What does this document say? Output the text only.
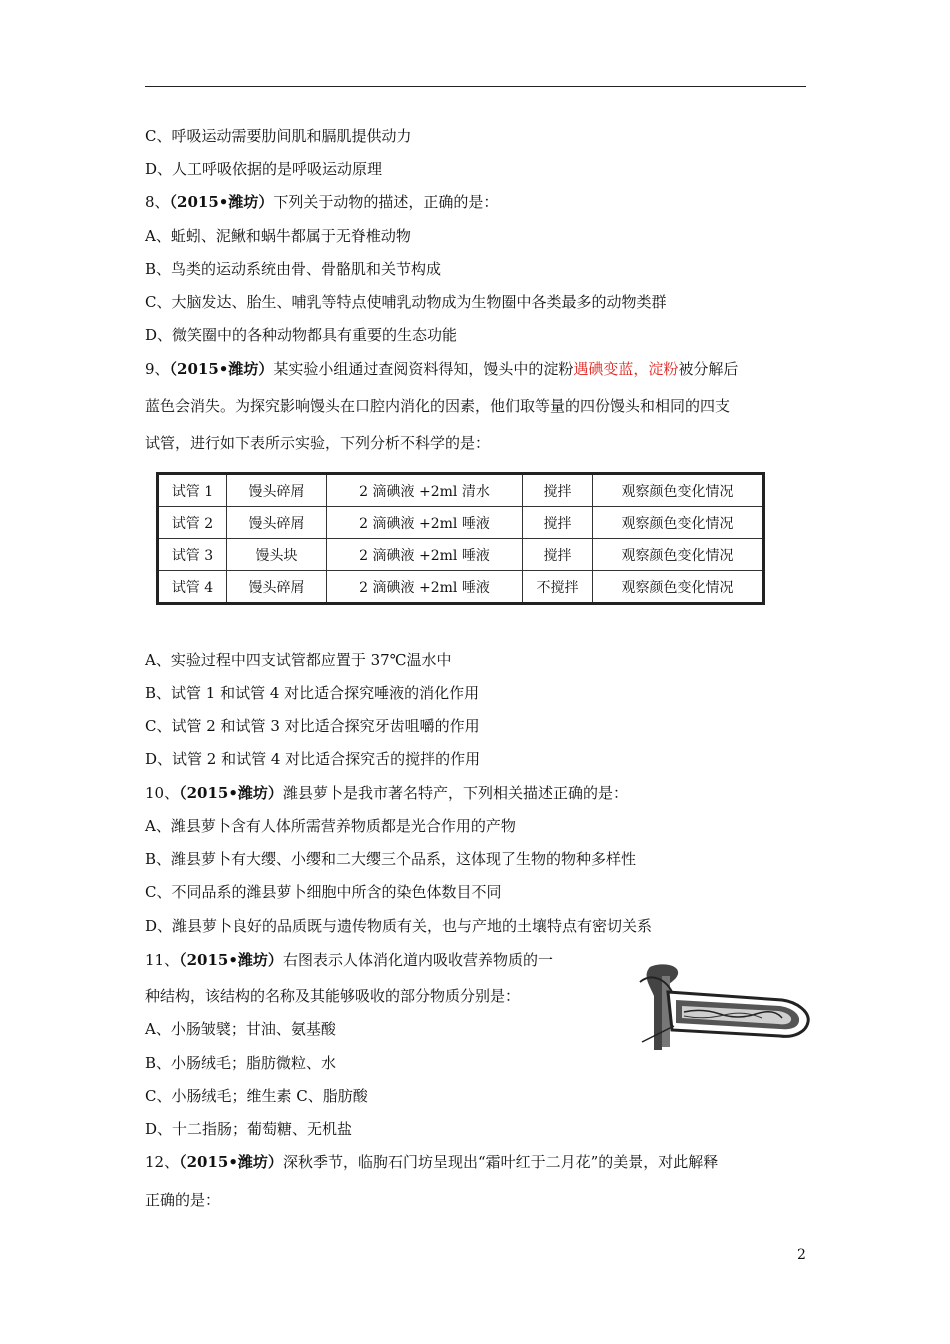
C、呼吸运动需要肋间肌和膈肌提供动力
D、人工呼吸依据的是呼吸运动原理
8、（2015•潍坊）下列关于动物的描述，正确的是：
A、蚯蚓、泥鳅和蜗牛都属于无脊椎动物
B、鸟类的运动系统由骨、骨骼肌和关节构成
C、大脑发达、胎生、哺乳等特点使哺乳动物成为生物圈中各类最多的动物类群
D、微笑圈中的各种动物都具有重要的生态功能
9、（2015•潍坊）某实验小组通过查阅资料得知，馒头中的淀粉遇碘变蓝，淀粉被分解后
蓝色会消失。为探究影响馒头在口腔内消化的因素，他们取等量的四份馒头和相同的四支
试管，进行如下表所示实验，下列分析不科学的是：
试管 1	馒头碎屑	2 滴碘液 +2ml 清水	搅拌	观察颜色变化情况
试管 2	馒头碎屑	2 滴碘液 +2ml 唾液	搅拌	观察颜色变化情况
试管 3	馒头块	2 滴碘液 +2ml 唾液	搅拌	观察颜色变化情况
试管 4	馒头碎屑	2 滴碘液 +2ml 唾液	不搅拌	观察颜色变化情况
A、实验过程中四支试管都应置于 37℃温水中
B、试管 1 和试管 4 对比适合探究唾液的消化作用
C、试管 2 和试管 3 对比适合探究牙齿咀嚼的作用
D、试管 2 和试管 4 对比适合探究舌的搅拌的作用
10、（2015•潍坊）潍县萝卜是我市著名特产，下列相关描述正确的是：
A、潍县萝卜含有人体所需营养物质都是光合作用的产物
B、潍县萝卜有大缨、小缨和二大缨三个品系，这体现了生物的物种多样性
C、不同品系的潍县萝卜细胞中所含的染色体数目不同
D、潍县萝卜良好的品质既与遗传物质有关，也与产地的土壤特点有密切关系
11、（2015•潍坊）右图表示人体消化道内吸收营养物质的一
种结构，该结构的名称及其能够吸收的部分物质分别是：
A、小肠皱襞；甘油、氨基酸
B、小肠绒毛；脂肪微粒、水
C、小肠绒毛；维生素 C、脂肪酸
D、十二指肠；葡萄糖、无机盐
12、（2015•潍坊）深秋季节，临朐石门坊呈现出“霜叶红于二月花”的美景，对此解释
正确的是：
2
